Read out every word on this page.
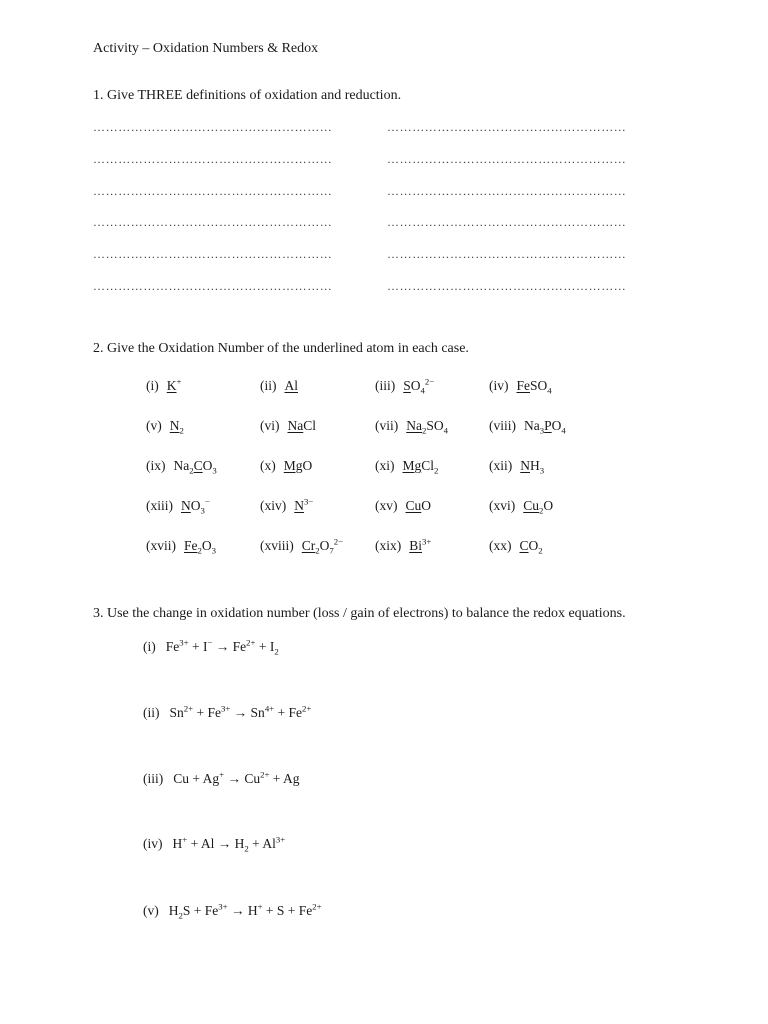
Activity – Oxidation Numbers & Redox
1. Give THREE definitions of oxidation and reduction.
…………………………………………………	…………………………………………………
…………………………………………………	…………………………………………………
…………………………………………………	…………………………………………………
…………………………………………………	…………………………………………………
…………………………………………………	…………………………………………………
…………………………………………………	…………………………………………………
2. Give the Oxidation Number of the underlined atom in each case.
(i) K+	(ii) Al	(iii) $SO_4^{2-}$	(iv) FeSO$_4$
(v) $N_2$	(vi) NaCl	(vii) $Na_2SO_4$	(viii) $Na_3PO_4$
(ix) $Na_2CO_3$	(x) MgO	(xi) MgCl$_2$	(xii) $NH_3$
(xiii) $NO_3^-$	(xiv) $N^{3-}$	(xv) CuO	(xvi) $Cu_2O$
(xvii) $Fe_2O_3$	(xviii) $Cr_2O_7^{2-}$ (xix) $Bi^{3+}$	(xx) $CO_2$
3. Use the change in oxidation number (loss / gain of electrons) to balance the redox equations.
(i) $Fe^{3+} + I^- \to Fe^{2+} + I_2$
(ii) $Sn^{2+} + Fe^{3+} \to Sn^{4+} + Fe^{2+}$
(iii) $Cu + Ag^+ \to Cu^{2+} + Ag$
(iv) $H^+ + Al \to H_2 + Al^{3+}$
(v) $H_2S + Fe^{3+} \to H^+ + S + Fe^{2+}$
